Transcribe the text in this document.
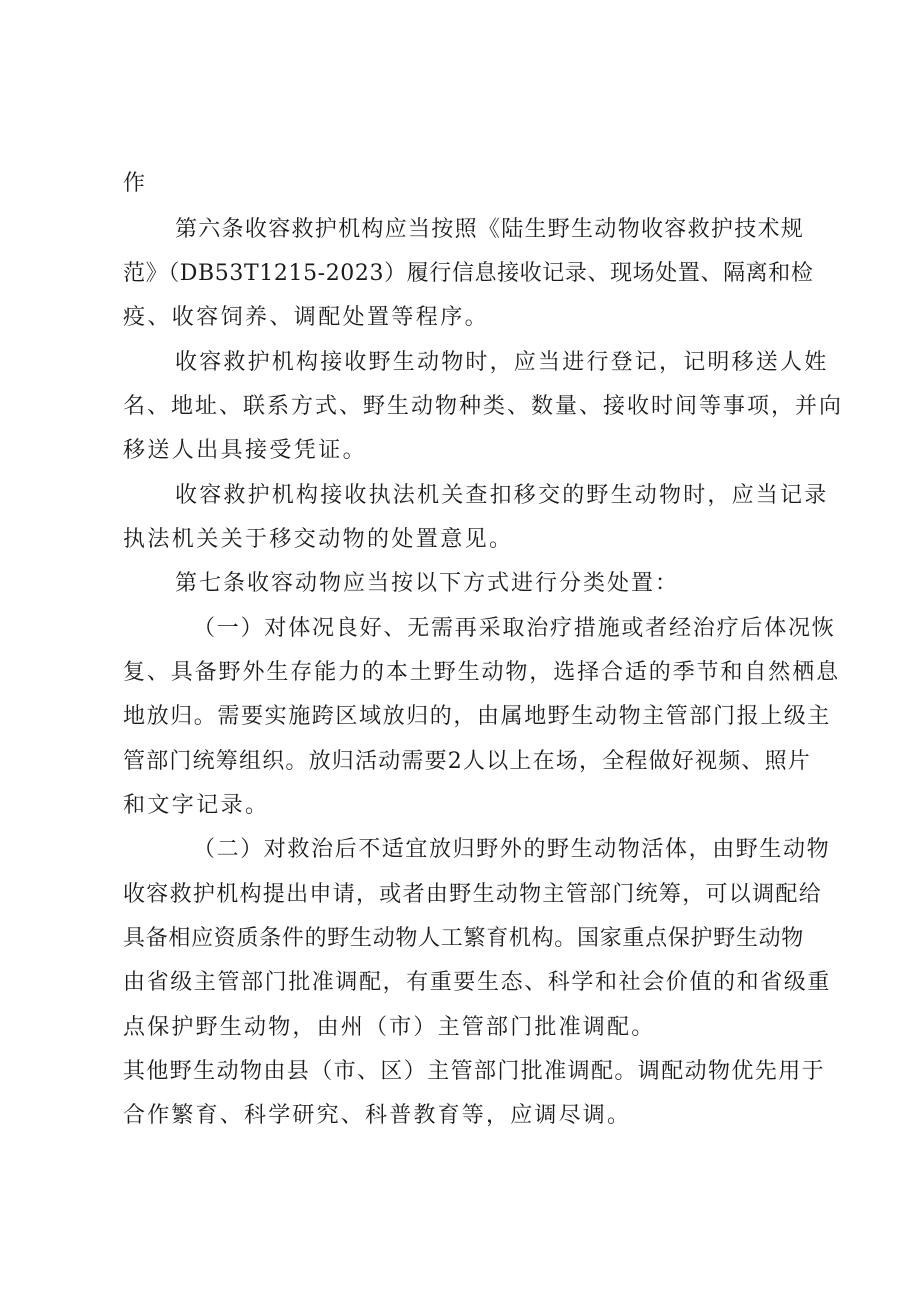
作

第六条收容救护机构应当按照《陆生野生动物收容救护技术规

范》（DB53T1215-2023）履行信息接收记录、现场处置、隔离和检

疫、收容饲养、调配处置等程序。

收容救护机构接收野生动物时，应当进行登记，记明移送人姓

名、地址、联系方式、野生动物种类、数量、接收时间等事项，并向

移送人出具接受凭证。

收容救护机构接收执法机关查扣移交的野生动物时，应当记录

执法机关关于移交动物的处置意见。

第七条收容动物应当按以下方式进行分类处置：

（一）对体况良好、无需再采取治疗措施或者经治疗后体况恢

复、具备野外生存能力的本土野生动物，选择合适的季节和自然栖息

地放归。需要实施跨区域放归的，由属地野生动物主管部门报上级主

管部门统筹组织。放归活动需要2人以上在场，全程做好视频、照片

和文字记录。

（二）对救治后不适宜放归野外的野生动物活体，由野生动物

收容救护机构提出申请，或者由野生动物主管部门统筹，可以调配给

具备相应资质条件的野生动物人工繁育机构。国家重点保护野生动物

由省级主管部门批准调配，有重要生态、科学和社会价值的和省级重

点保护野生动物，由州（市）主管部门批准调配。

其他野生动物由县（市、区）主管部门批准调配。调配动物优先用于

合作繁育、科学研究、科普教育等，应调尽调。
